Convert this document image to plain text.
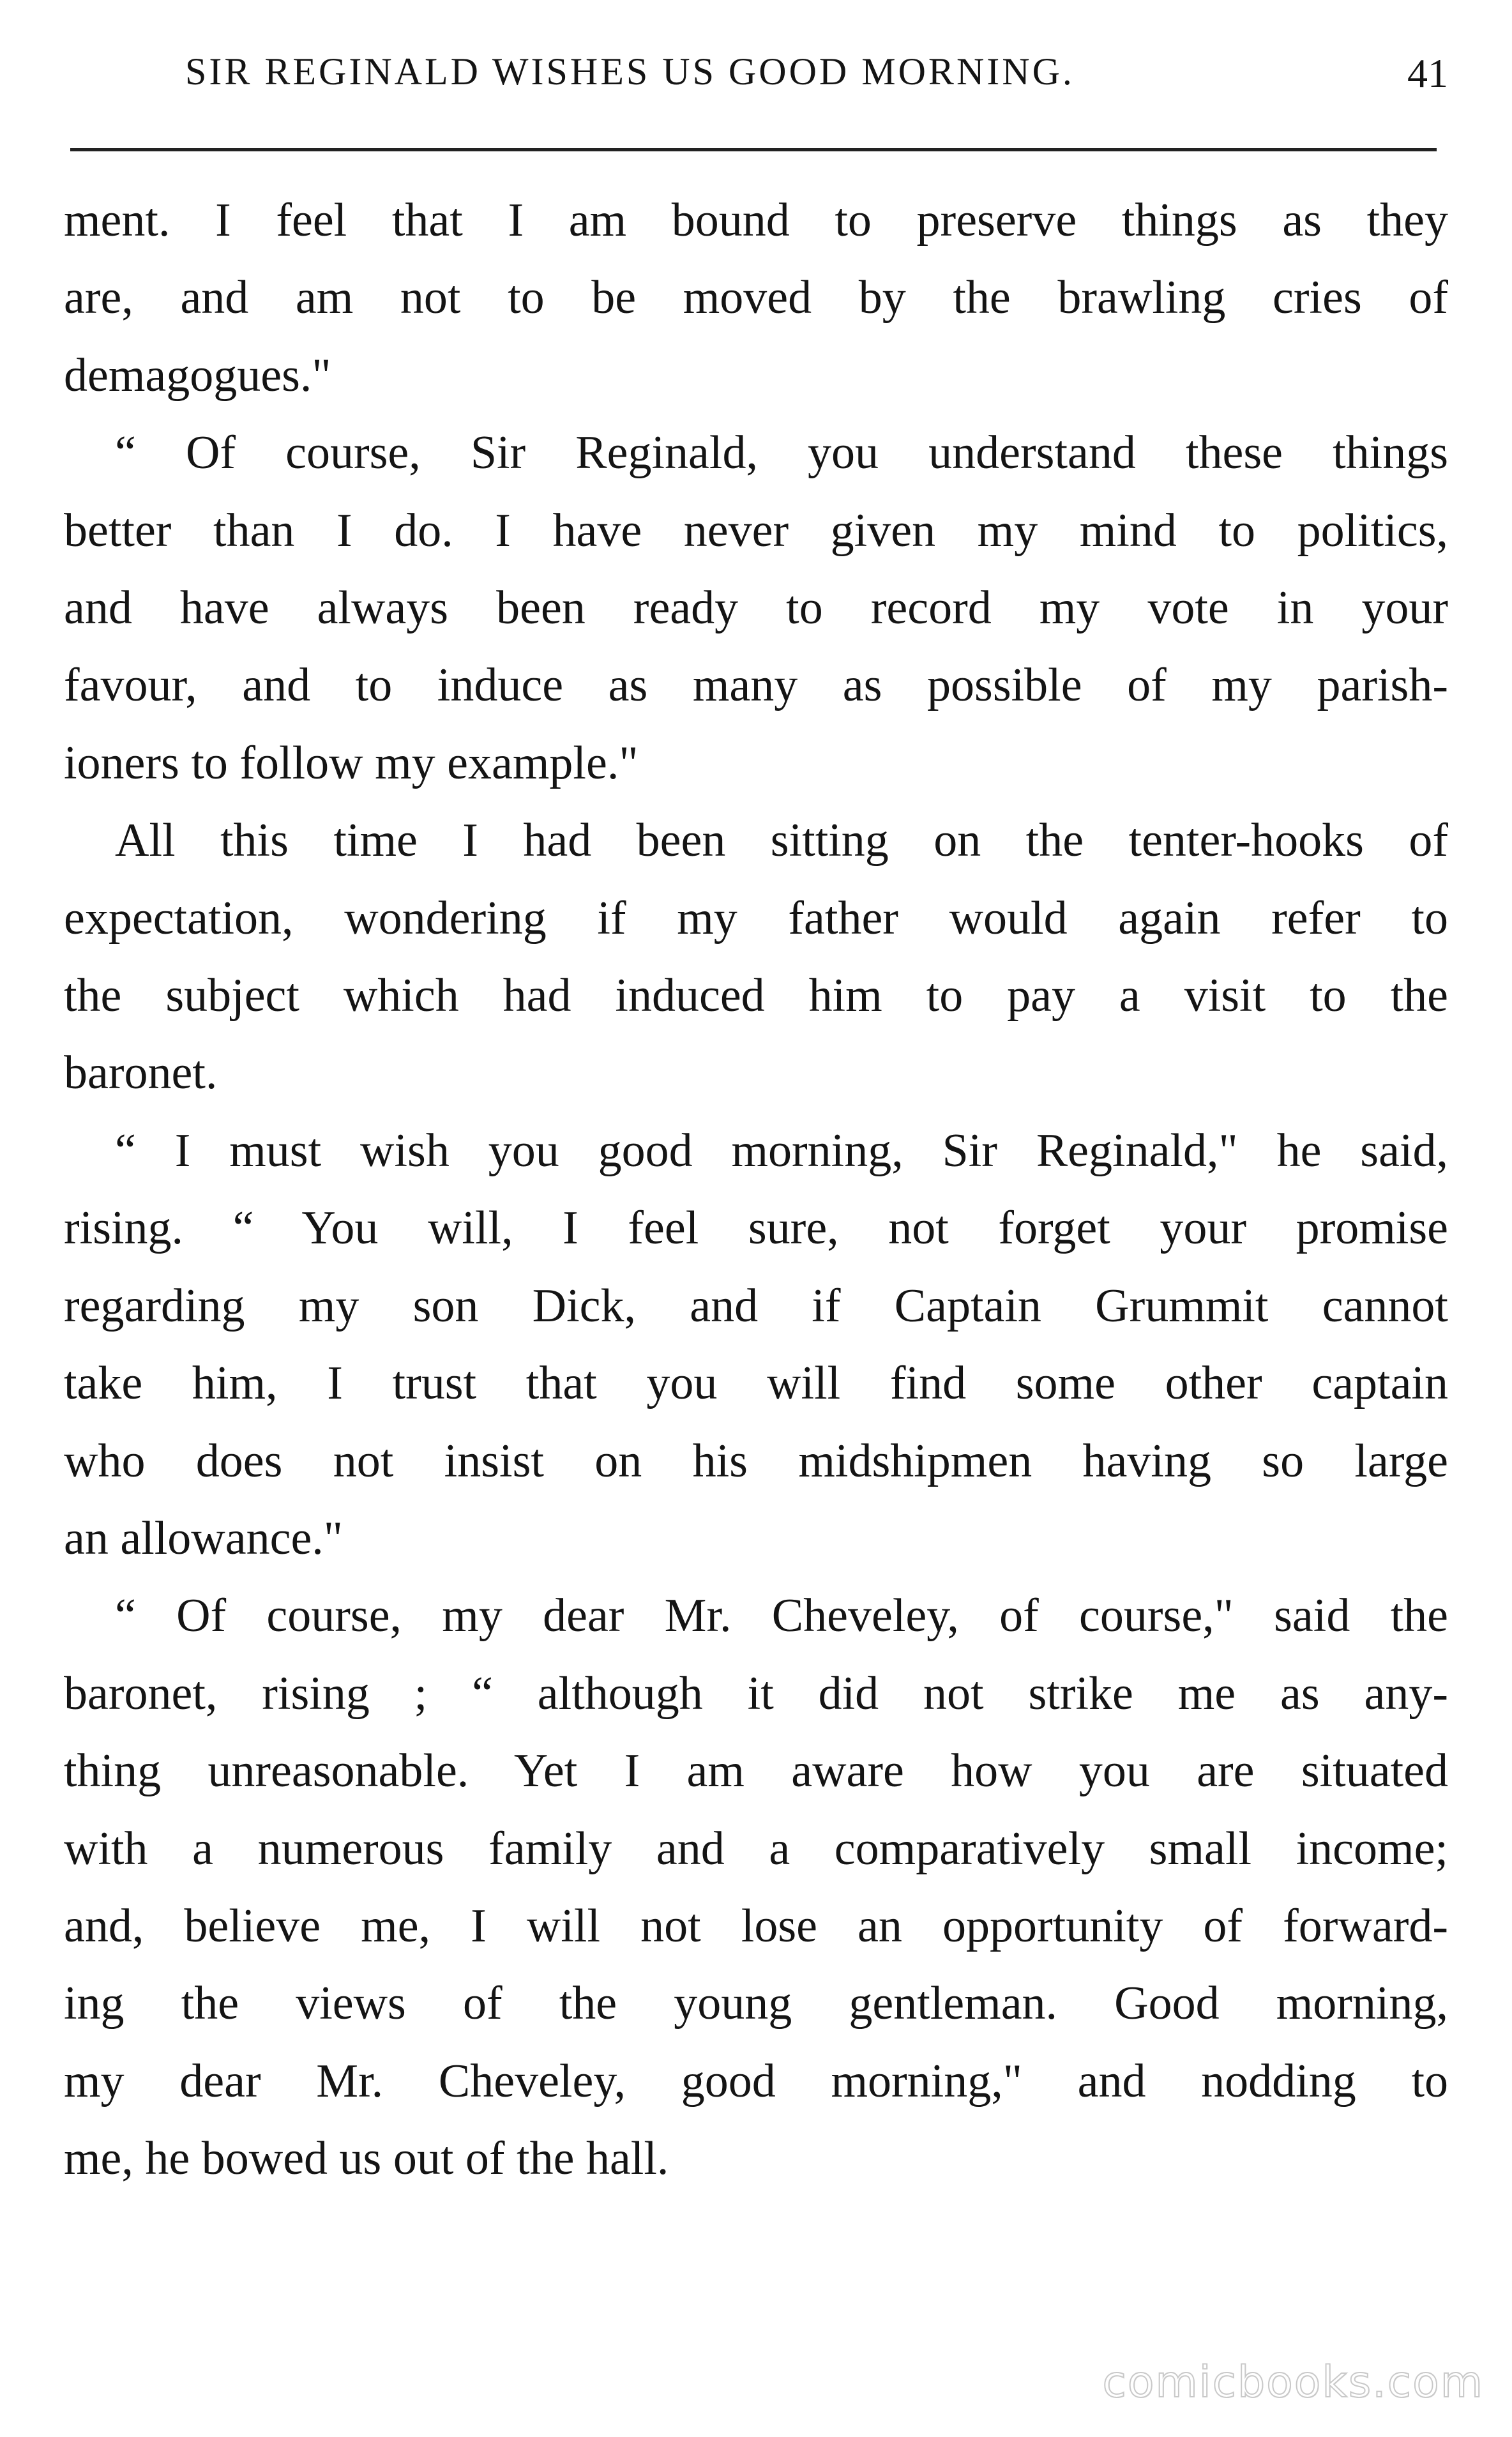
SIR REGINALD WISHES US GOOD MORNING.	41

ment. I feel that I am bound to preserve things as they
are, and am not to be moved by the brawling cries of
demagogues."

“ Of course, Sir Reginald, you understand these things
better than I do. I have never given my mind to politics,
and have always been ready to record my vote in your
favour, and to induce as many as possible of my parish-
ioners to follow my example."

All this time I had been sitting on the tenter-hooks of
expectation, wondering if my father would again refer to
the subject which had induced him to pay a visit to the
baronet.

“ I must wish you good morning, Sir Reginald," he said,
rising. “ You will, I feel sure, not forget your promise
regarding my son Dick, and if Captain Grummit cannot
take him, I trust that you will find some other captain
who does not insist on his midshipmen having so large
an allowance."

“ Of course, my dear Mr. Cheveley, of course," said the
baronet, rising ; “ although it did not strike me as any-
thing unreasonable. Yet I am aware how you are situated
with a numerous family and a comparatively small income;
and, believe me, I will not lose an opportunity of forward-
ing the views of the young gentleman. Good morning,
my dear Mr. Cheveley, good morning," and nodding to
me, he bowed us out of the hall.

comicbooks.com
